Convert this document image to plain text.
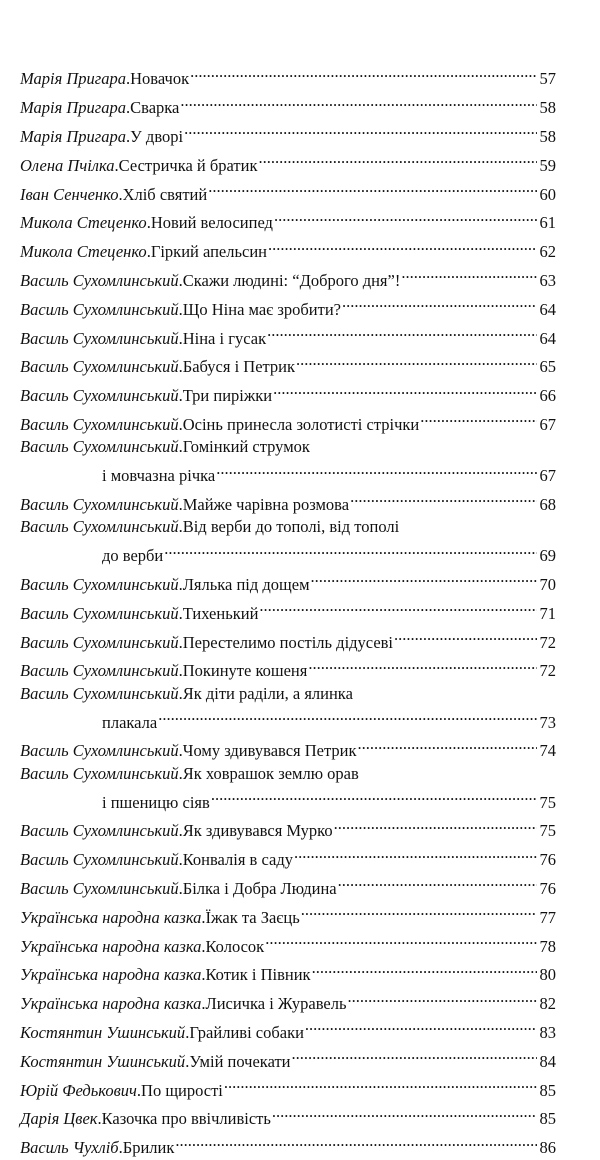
Марія Пригара . Новачок .....	57
Марія Пригара . Сварка .....	58
Марія Пригара . У дворі .....	58
Олена Пчілка . Сестричка й братик .....	59
Іван Сенченко . Хліб святий .....	60
Микола Стеценко . Новий велосипед .....	61
Микола Стеценко . Гіркий апельсин .....	62
Василь Сухомлинський . Скажи людині: “Доброго дня”! .....	63
Василь Сухомлинський . Що Ніна має зробити? .....	64
Василь Сухомлинський . Ніна і гусак .....	64
Василь Сухомлинський . Бабуся і Петрик .....	65
Василь Сухомлинський . Три пиріжки .....	66
Василь Сухомлинський . Осінь принесла золотисті стрічки .....	67
Василь Сухомлинський . Гомінкий струмок
і мовчазна річка .....	67
Василь Сухомлинський . Майже чарівна розмова .....	68
Василь Сухомлинський . Від верби до тополі, від тополі
до верби .....	69
Василь Сухомлинський . Лялька під дощем .....	70
Василь Сухомлинський . Тихенький .....	71
Василь Сухомлинський . Перестелимо постіль дідусеві .....	72
Василь Сухомлинський . Покинуте кошеня .....	72
Василь Сухомлинський . Як діти раділи, а ялинка
плакала .....	73
Василь Сухомлинський . Чому здивувався Петрик .....	74
Василь Сухомлинський . Як ховрашок землю орав
і пшеницю сіяв .....	75
Василь Сухомлинський . Як здивувався Мурко .....	75
Василь Сухомлинський . Конвалія в саду .....	76
Василь Сухомлинський . Білка і Добра Людина .....	76
Українська народна казка . Їжак та Заєць .....	77
Українська народна казка . Колосок .....	78
Українська народна казка . Котик і Півник .....	80
Українська народна казка . Лисичка і Журавель .....	82
Костянтин Ушинський . Грайливі собаки .....	83
Костянтин Ушинський . Умій почекати .....	84
Юрій Федькович . По щирості .....	85
Дарія Цвек . Казочка про ввічливість .....	85
Василь Чухліб . Брилик .....	86
